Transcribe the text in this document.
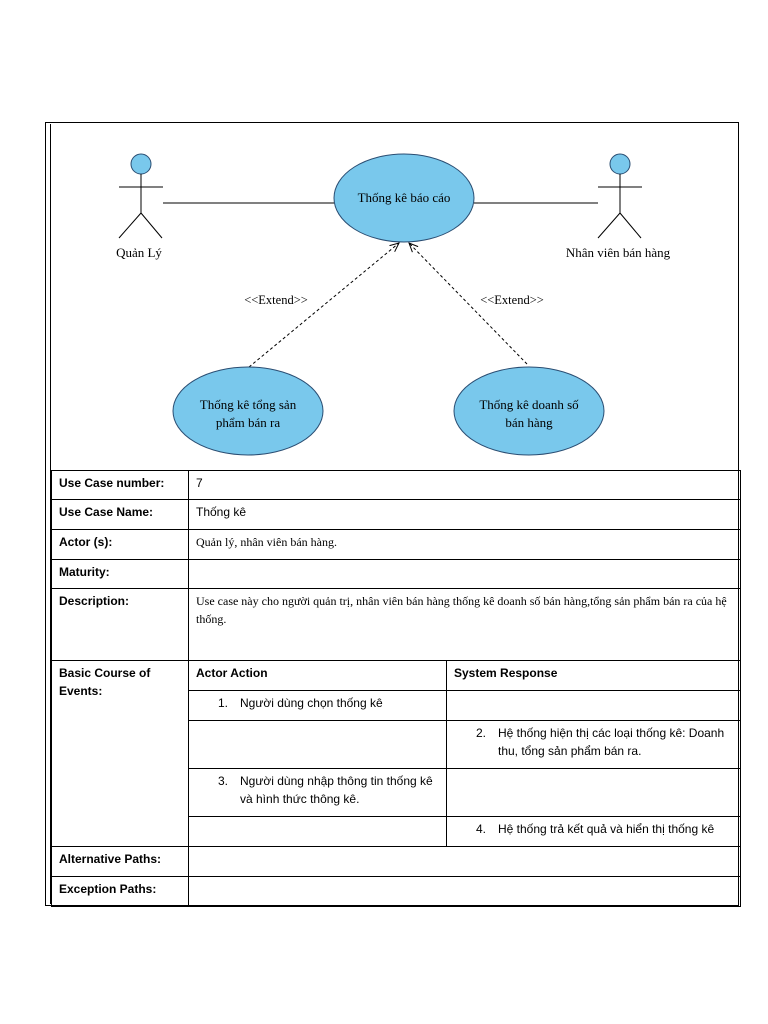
Quản Lý	Nhân viên bán hàng
Thống kê báo cáo
Thống kê tổng sản
phẩm bán ra
Thống kê doanh số
bán hàng
<<Extend>>	<<Extend>>
Use Case number:	7	
Use Case Name:	Thống kê	
Actor (s):	Quản lý, nhân viên bán hàng.	
Maturity:		
Description:	Use case này cho người quản trị, nhân viên bán hàng thống kê doanh số bán hàng,tổng sản phẩm bán ra của hệ thống.	
Basic Course of Events:	Actor Action	System Response

	1. Người dùng chọn thống kê	

		2. Hệ thống hiện thị các loại thống kê: Doanh thu, tổng sản phẩm bán ra.

	3. Người dùng nhập thông tin thống kê và hình thức thông kê.	

		4. Hệ thống trả kết quả và hiển thị thống kê

Alternative Paths:		
Exception Paths:		
